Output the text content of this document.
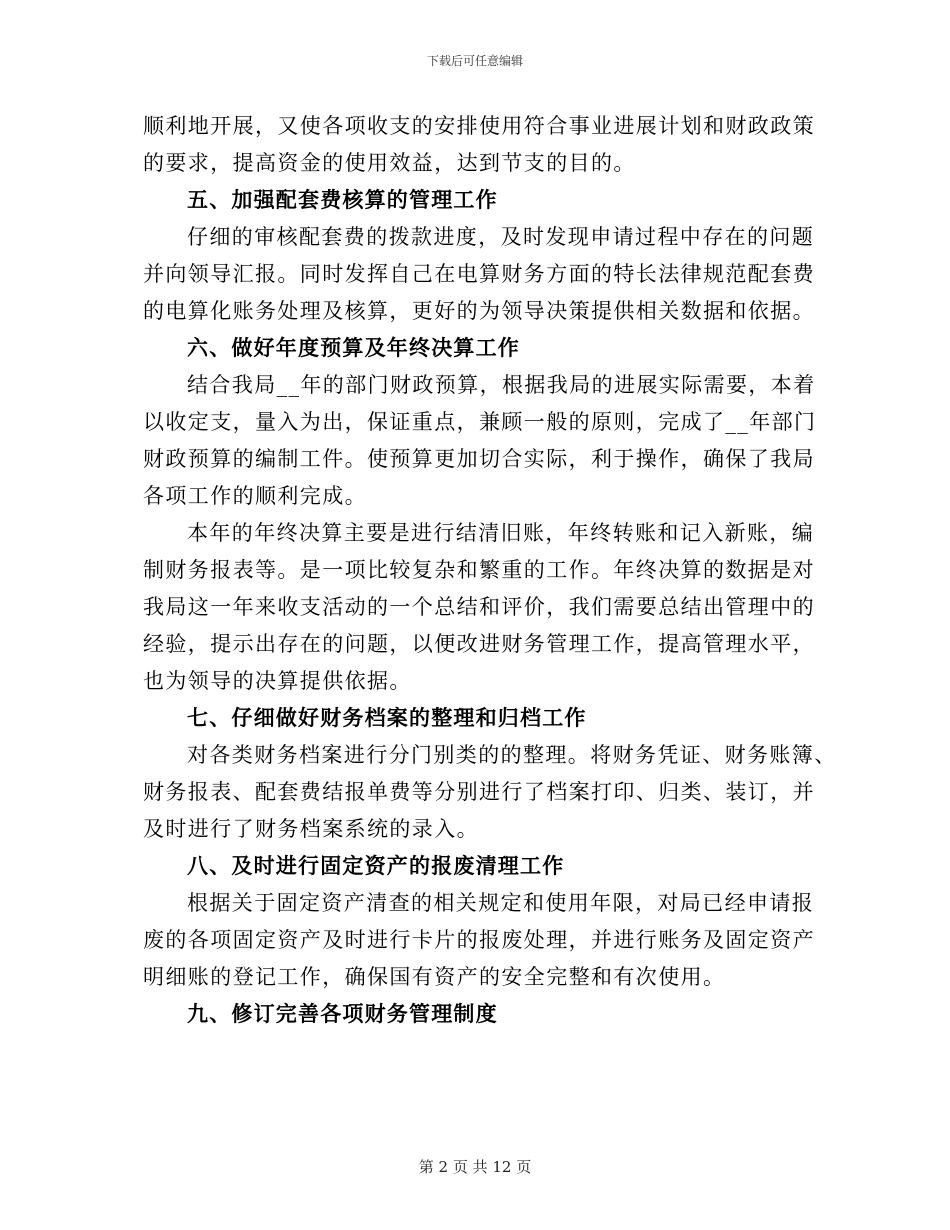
下载后可任意编辑
顺利地开展，又使各项收支的安排使用符合事业进展计划和财政政策
的要求，提高资金的使用效益，达到节支的目的。
五、加强配套费核算的管理工作
仔细的审核配套费的拨款进度，及时发现申请过程中存在的问题
并向领导汇报。同时发挥自己在电算财务方面的特长法律规范配套费
的电算化账务处理及核算，更好的为领导决策提供相关数据和依据。
六、做好年度预算及年终决算工作
结合我局__年的部门财政预算，根据我局的进展实际需要，本着
以收定支，量入为出，保证重点，兼顾一般的原则，完成了__年部门
财政预算的编制工件。使预算更加切合实际，利于操作，确保了我局
各项工作的顺利完成。
本年的年终决算主要是进行结清旧账，年终转账和记入新账，编
制财务报表等。是一项比较复杂和繁重的工作。年终决算的数据是对
我局这一年来收支活动的一个总结和评价，我们需要总结出管理中的
经验，提示出存在的问题，以便改进财务管理工作，提高管理水平，
也为领导的决算提供依据。
七、仔细做好财务档案的整理和归档工作
对各类财务档案进行分门别类的的整理。将财务凭证、财务账簿、
财务报表、配套费结报单费等分别进行了档案打印、归类、装订，并
及时进行了财务档案系统的录入。
八、及时进行固定资产的报废清理工作
根据关于固定资产清查的相关规定和使用年限，对局已经申请报
废的各项固定资产及时进行卡片的报废处理，并进行账务及固定资产
明细账的登记工作，确保国有资产的安全完整和有次使用。
九、修订完善各项财务管理制度
第 2 页 共 12 页
